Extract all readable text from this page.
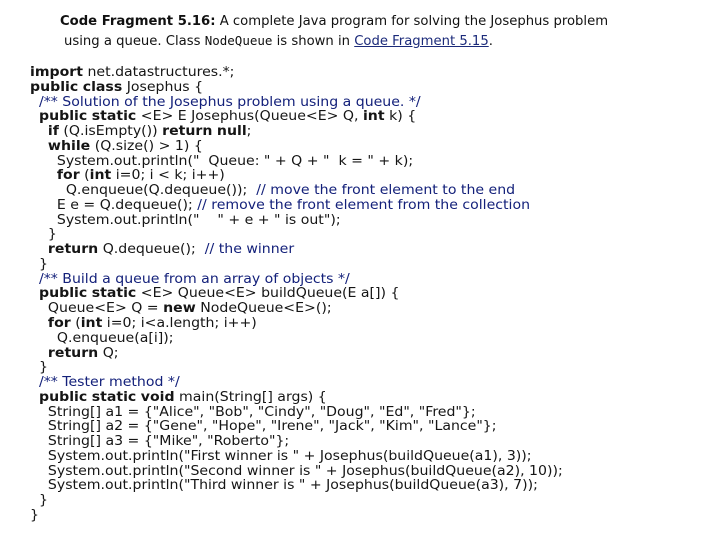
Code Fragment 5.16: A complete Java program for solving the Josephus problem
using a queue. Class NodeQueue is shown in Code Fragment 5.15.
import net.datastructures.*;
public class Josephus {
/** Solution of the Josephus problem using a queue. */
public static <E> E Josephus(Queue<E> Q, int k) {
if (Q.isEmpty()) return null;
while (Q.size() > 1) {
System.out.println("  Queue: " + Q + "  k = " + k);
for (int i=0; i < k; i++)
Q.enqueue(Q.dequeue());  // move the front element to the end
E e = Q.dequeue(); // remove the front element from the collection
System.out.println("    " + e + " is out");
}
return Q.dequeue();  // the winner
}
/** Build a queue from an array of objects */
public static <E> Queue<E> buildQueue(E a[]) {
Queue<E> Q = new NodeQueue<E>();
for (int i=0; i<a.length; i++)
Q.enqueue(a[i]);
return Q;
}
/** Tester method */
public static void main(String[] args) {
String[] a1 = {"Alice", "Bob", "Cindy", "Doug", "Ed", "Fred"};
String[] a2 = {"Gene", "Hope", "Irene", "Jack", "Kim", "Lance"};
String[] a3 = {"Mike", "Roberto"};
System.out.println("First winner is " + Josephus(buildQueue(a1), 3));
System.out.println("Second winner is " + Josephus(buildQueue(a2), 10));
System.out.println("Third winner is " + Josephus(buildQueue(a3), 7));
}
}
